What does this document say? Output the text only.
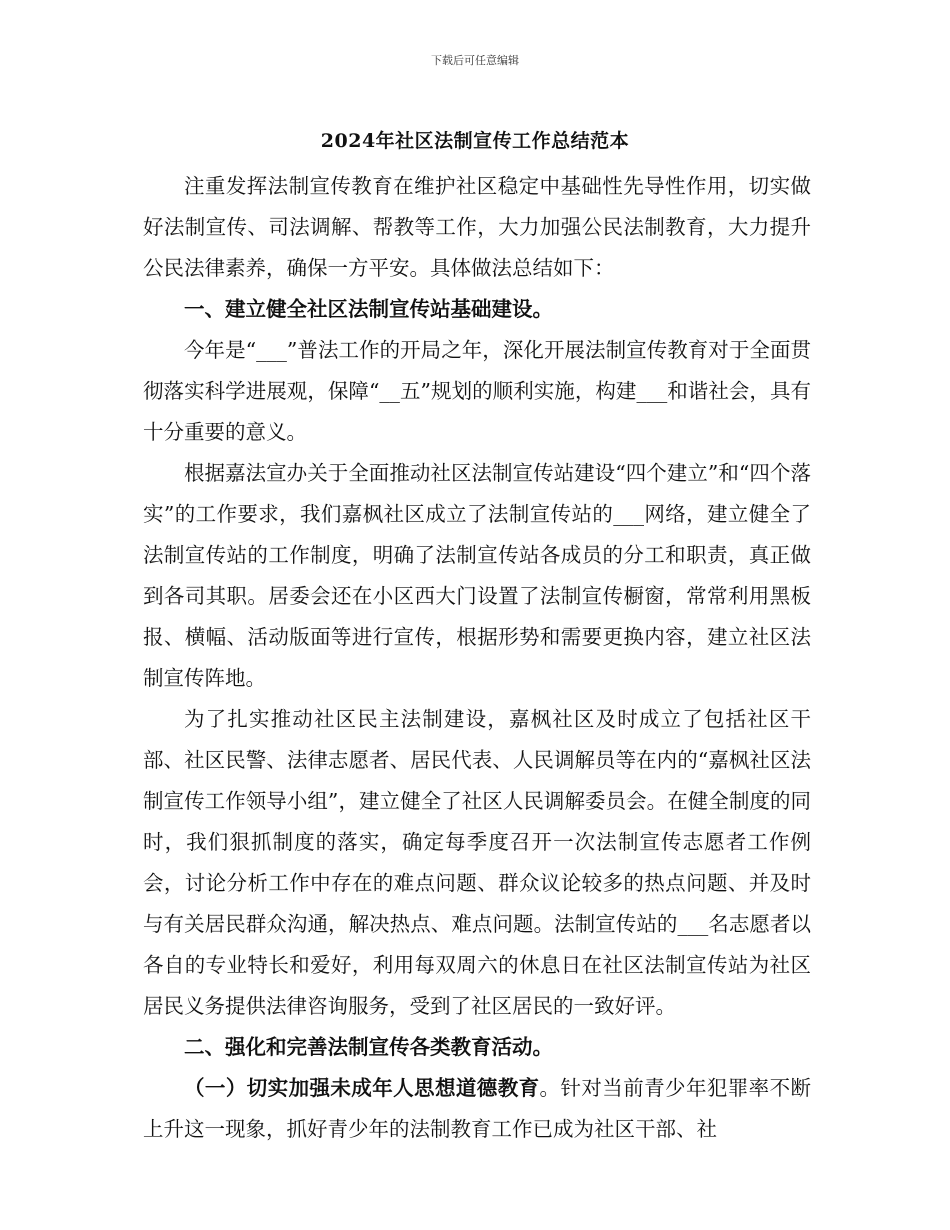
下载后可任意编辑
2024年社区法制宣传工作总结范本

注重发挥法制宣传教育在维护社区稳定中基础性先导性作用，切实做好法制宣传、司法调解、帮教等工作，大力加强公民法制教育，大力提升公民法律素养，确保一方平安。具体做法总结如下：

一、建立健全社区法制宣传站基础建设。

今年是“___”普法工作的开局之年，深化开展法制宣传教育对于全面贯彻落实科学进展观，保障“__五”规划的顺利实施，构建___和谐社会，具有十分重要的意义。

根据嘉法宣办关于全面推动社区法制宣传站建设“四个建立”和“四个落实”的工作要求，我们嘉枫社区成立了法制宣传站的___网络，建立健全了法制宣传站的工作制度，明确了法制宣传站各成员的分工和职责，真正做到各司其职。居委会还在小区西大门设置了法制宣传橱窗，常常利用黑板报、横幅、活动版面等进行宣传，根据形势和需要更换内容，建立社区法制宣传阵地。

为了扎实推动社区民主法制建设，嘉枫社区及时成立了包括社区干部、社区民警、法律志愿者、居民代表、人民调解员等在内的“嘉枫社区法制宣传工作领导小组”，建立健全了社区人民调解委员会。在健全制度的同时，我们狠抓制度的落实，确定每季度召开一次法制宣传志愿者工作例会，讨论分析工作中存在的难点问题、群众议论较多的热点问题、并及时与有关居民群众沟通，解决热点、难点问题。法制宣传站的___名志愿者以各自的专业特长和爱好，利用每双周六的休息日在社区法制宣传站为社区居民义务提供法律咨询服务，受到了社区居民的一致好评。

二、强化和完善法制宣传各类教育活动。

（一）切实加强未成年人思想道德教育。针对当前青少年犯罪率不断上升这一现象，抓好青少年的法制教育工作已成为社区干部、社
